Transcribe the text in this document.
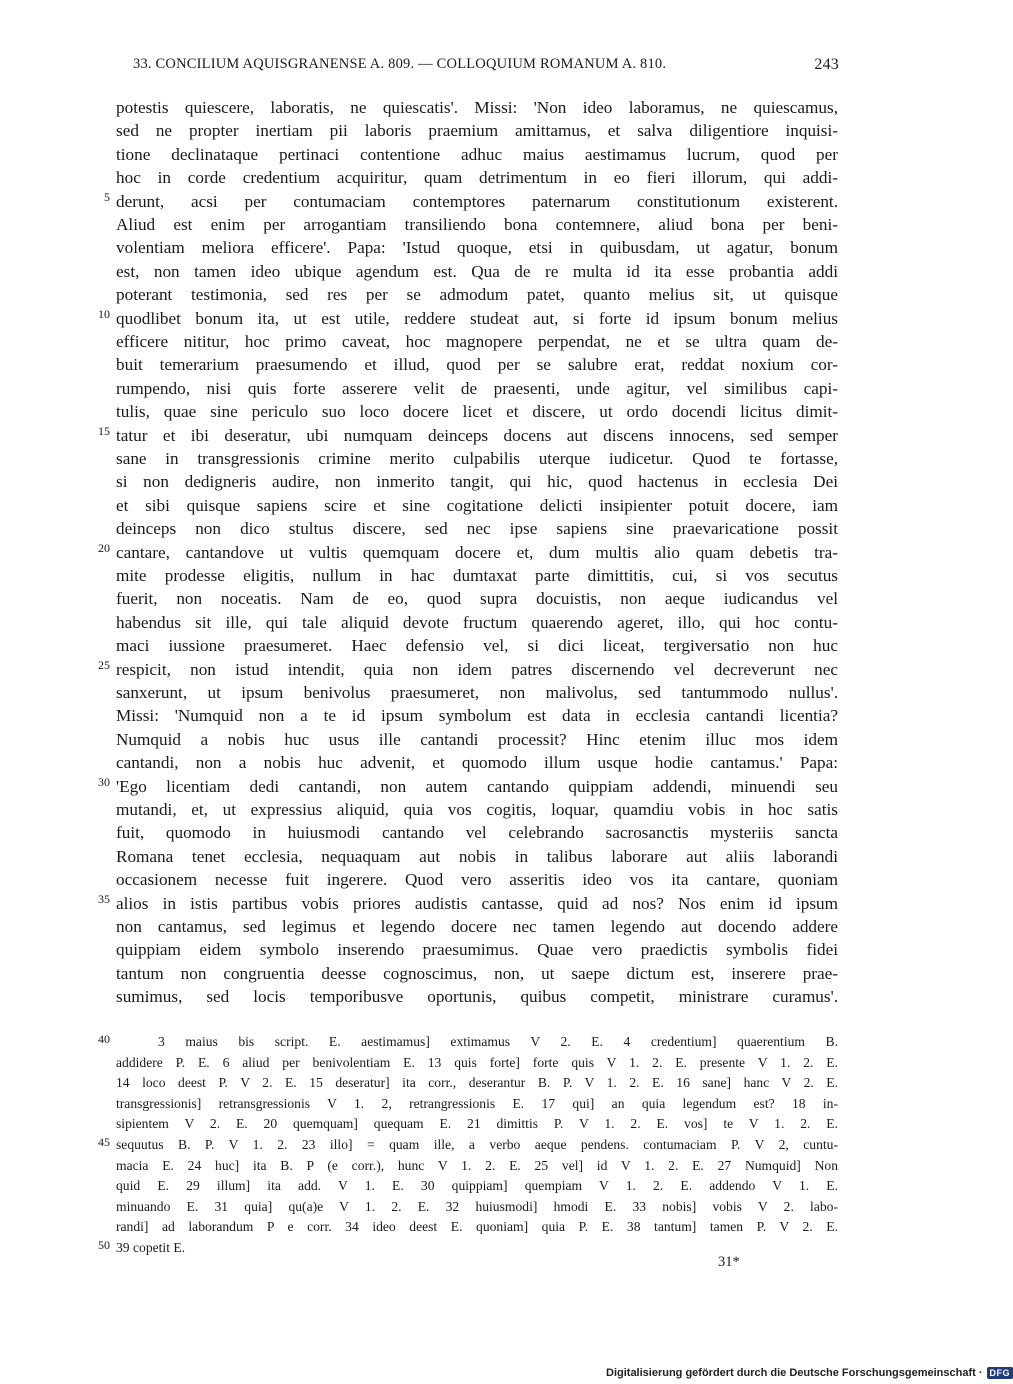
33. CONCILIUM AQUISGRANENSE A. 809. — COLLOQUIUM ROMANUM A. 810.	243
potestis quiescere, laboratis, ne quiescatis'. Missi: 'Non ideo laboramus, ne quiescamus,
sed ne propter inertiam pii laboris praemium amittamus, et salva diligentiore inquisi-
tione declinataque pertinaci contentione adhuc maius aestimamus lucrum, quod per
hoc in corde credentium acquiritur, quam detrimentum in eo fieri illorum, qui addi-
derunt, acsi per contumaciam contemptores paternarum constitutionum existerent.
5
Aliud est enim per arrogantiam transiliendo bona contemnere, aliud bona per beni-
volentiam meliora efficere'. Papa: 'Istud quoque, etsi in quibusdam, ut agatur, bonum
est, non tamen ideo ubique agendum est. Qua de re multa id ita esse probantia addi
poterant testimonia, sed res per se admodum patet, quanto melius sit, ut quisque
quodlibet bonum ita, ut est utile, reddere studeat aut, si forte id ipsum bonum melius
10
efficere nititur, hoc primo caveat, hoc magnopere perpendat, ne et se ultra quam de-
buit temerarium praesumendo et illud, quod per se salubre erat, reddat noxium cor-
rumpendo, nisi quis forte asserere velit de praesenti, unde agitur, vel similibus capi-
tulis, quae sine periculo suo loco docere licet et discere, ut ordo docendi licitus dimit-
tatur et ibi deseratur, ubi numquam deinceps docens aut discens innocens, sed semper
15
sane in transgressionis crimine merito culpabilis uterque iudicetur. Quod te fortasse,
si non dedigneris audire, non inmerito tangit, qui hic, quod hactenus in ecclesia Dei
et sibi quisque sapiens scire et sine cogitatione delicti insipienter potuit docere, iam
deinceps non dico stultus discere, sed nec ipse sapiens sine praevaricatione possit
cantare, cantandove ut vultis quemquam docere et, dum multis alio quam debetis tra-
20
mite prodesse eligitis, nullum in hac dumtaxat parte dimittitis, cui, si vos secutus
fuerit, non noceatis. Nam de eo, quod supra docuistis, non aeque iudicandus vel
habendus sit ille, qui tale aliquid devote fructum quaerendo ageret, illo, qui hoc contu-
maci iussione praesumeret. Haec defensio vel, si dici liceat, tergiversatio non huc
respicit, non istud intendit, quia non idem patres discernendo vel decreverunt nec
25
sanxerunt, ut ipsum benivolus praesumeret, non malivolus, sed tantummodo nullus'.
Missi: 'Numquid non a te id ipsum symbolum est data in ecclesia cantandi licentia?
Numquid a nobis huc usus ille cantandi processit? Hinc etenim illuc mos idem
cantandi, non a nobis huc advenit, et quomodo illum usque hodie cantamus.' Papa:
'Ego licentiam dedi cantandi, non autem cantando quippiam addendi, minuendi seu
30
mutandi, et, ut expressius aliquid, quia vos cogitis, loquar, quamdiu vobis in hoc satis
fuit, quomodo in huiusmodi cantando vel celebrando sacrosanctis mysteriis sancta
Romana tenet ecclesia, nequaquam aut nobis in talibus laborare aut aliis laborandi
occasionem necesse fuit ingerere. Quod vero asseritis ideo vos ita cantare, quoniam
alios in istis partibus vobis priores audistis cantasse, quid ad nos? Nos enim id ipsum
35
non cantamus, sed legimus et legendo docere nec tamen legendo aut docendo addere
quippiam eidem symbolo inserendo praesumimus. Quae vero praedictis symbolis fidei
tantum non congruentia deesse cognoscimus, non, ut saepe dictum est, inserere prae-
sumimus, sed locis temporibusve oportunis, quibus competit, ministrare curamus'.
3 maius bis script. E. aestimamus] extimamus V 2. E. 4 credentium] quaerentium B.
40
addidere P. E. 6 aliud per benivolentiam E. 13 quis forte] forte quis V 1. 2. E. presente V 1. 2. E.
14 loco deest P. V 2. E. 15 deseratur] ita corr., deserantur B. P. V 1. 2. E. 16 sane] hanc V 2. E.
transgressionis] retransgressionis V 1. 2, retrangressionis E. 17 qui] an quia legendum est? 18 in-
sipientem V 2. E. 20 quemquam] quequam E. 21 dimittis P. V 1. 2. E. vos] te V 1. 2. E.
sequutus B. P. V 1. 2. 23 illo] = quam ille, a verbo aeque pendens. contumaciam P. V 2, cuntu-
45
macia E. 24 huc] ita B. P (e corr.), hunc V 1. 2. E. 25 vel] id V 1. 2. E. 27 Numquid] Non
quid E. 29 illum] ita add. V 1. E. 30 quippiam] quempiam V 1. 2. E. addendo V 1. E.
minuando E. 31 quia] qu(a)e V 1. 2. E. 32 huiusmodi] hmodi E. 33 nobis] vobis V 2. labo-
randi] ad laborandum P e corr. 34 ideo deest E. quoniam] quia P. E. 38 tantum] tamen P. V 2. E.
39 copetit E.
50
31*
Digitalisierung gefördert durch die Deutsche Forschungsgemeinschaft · DFG
